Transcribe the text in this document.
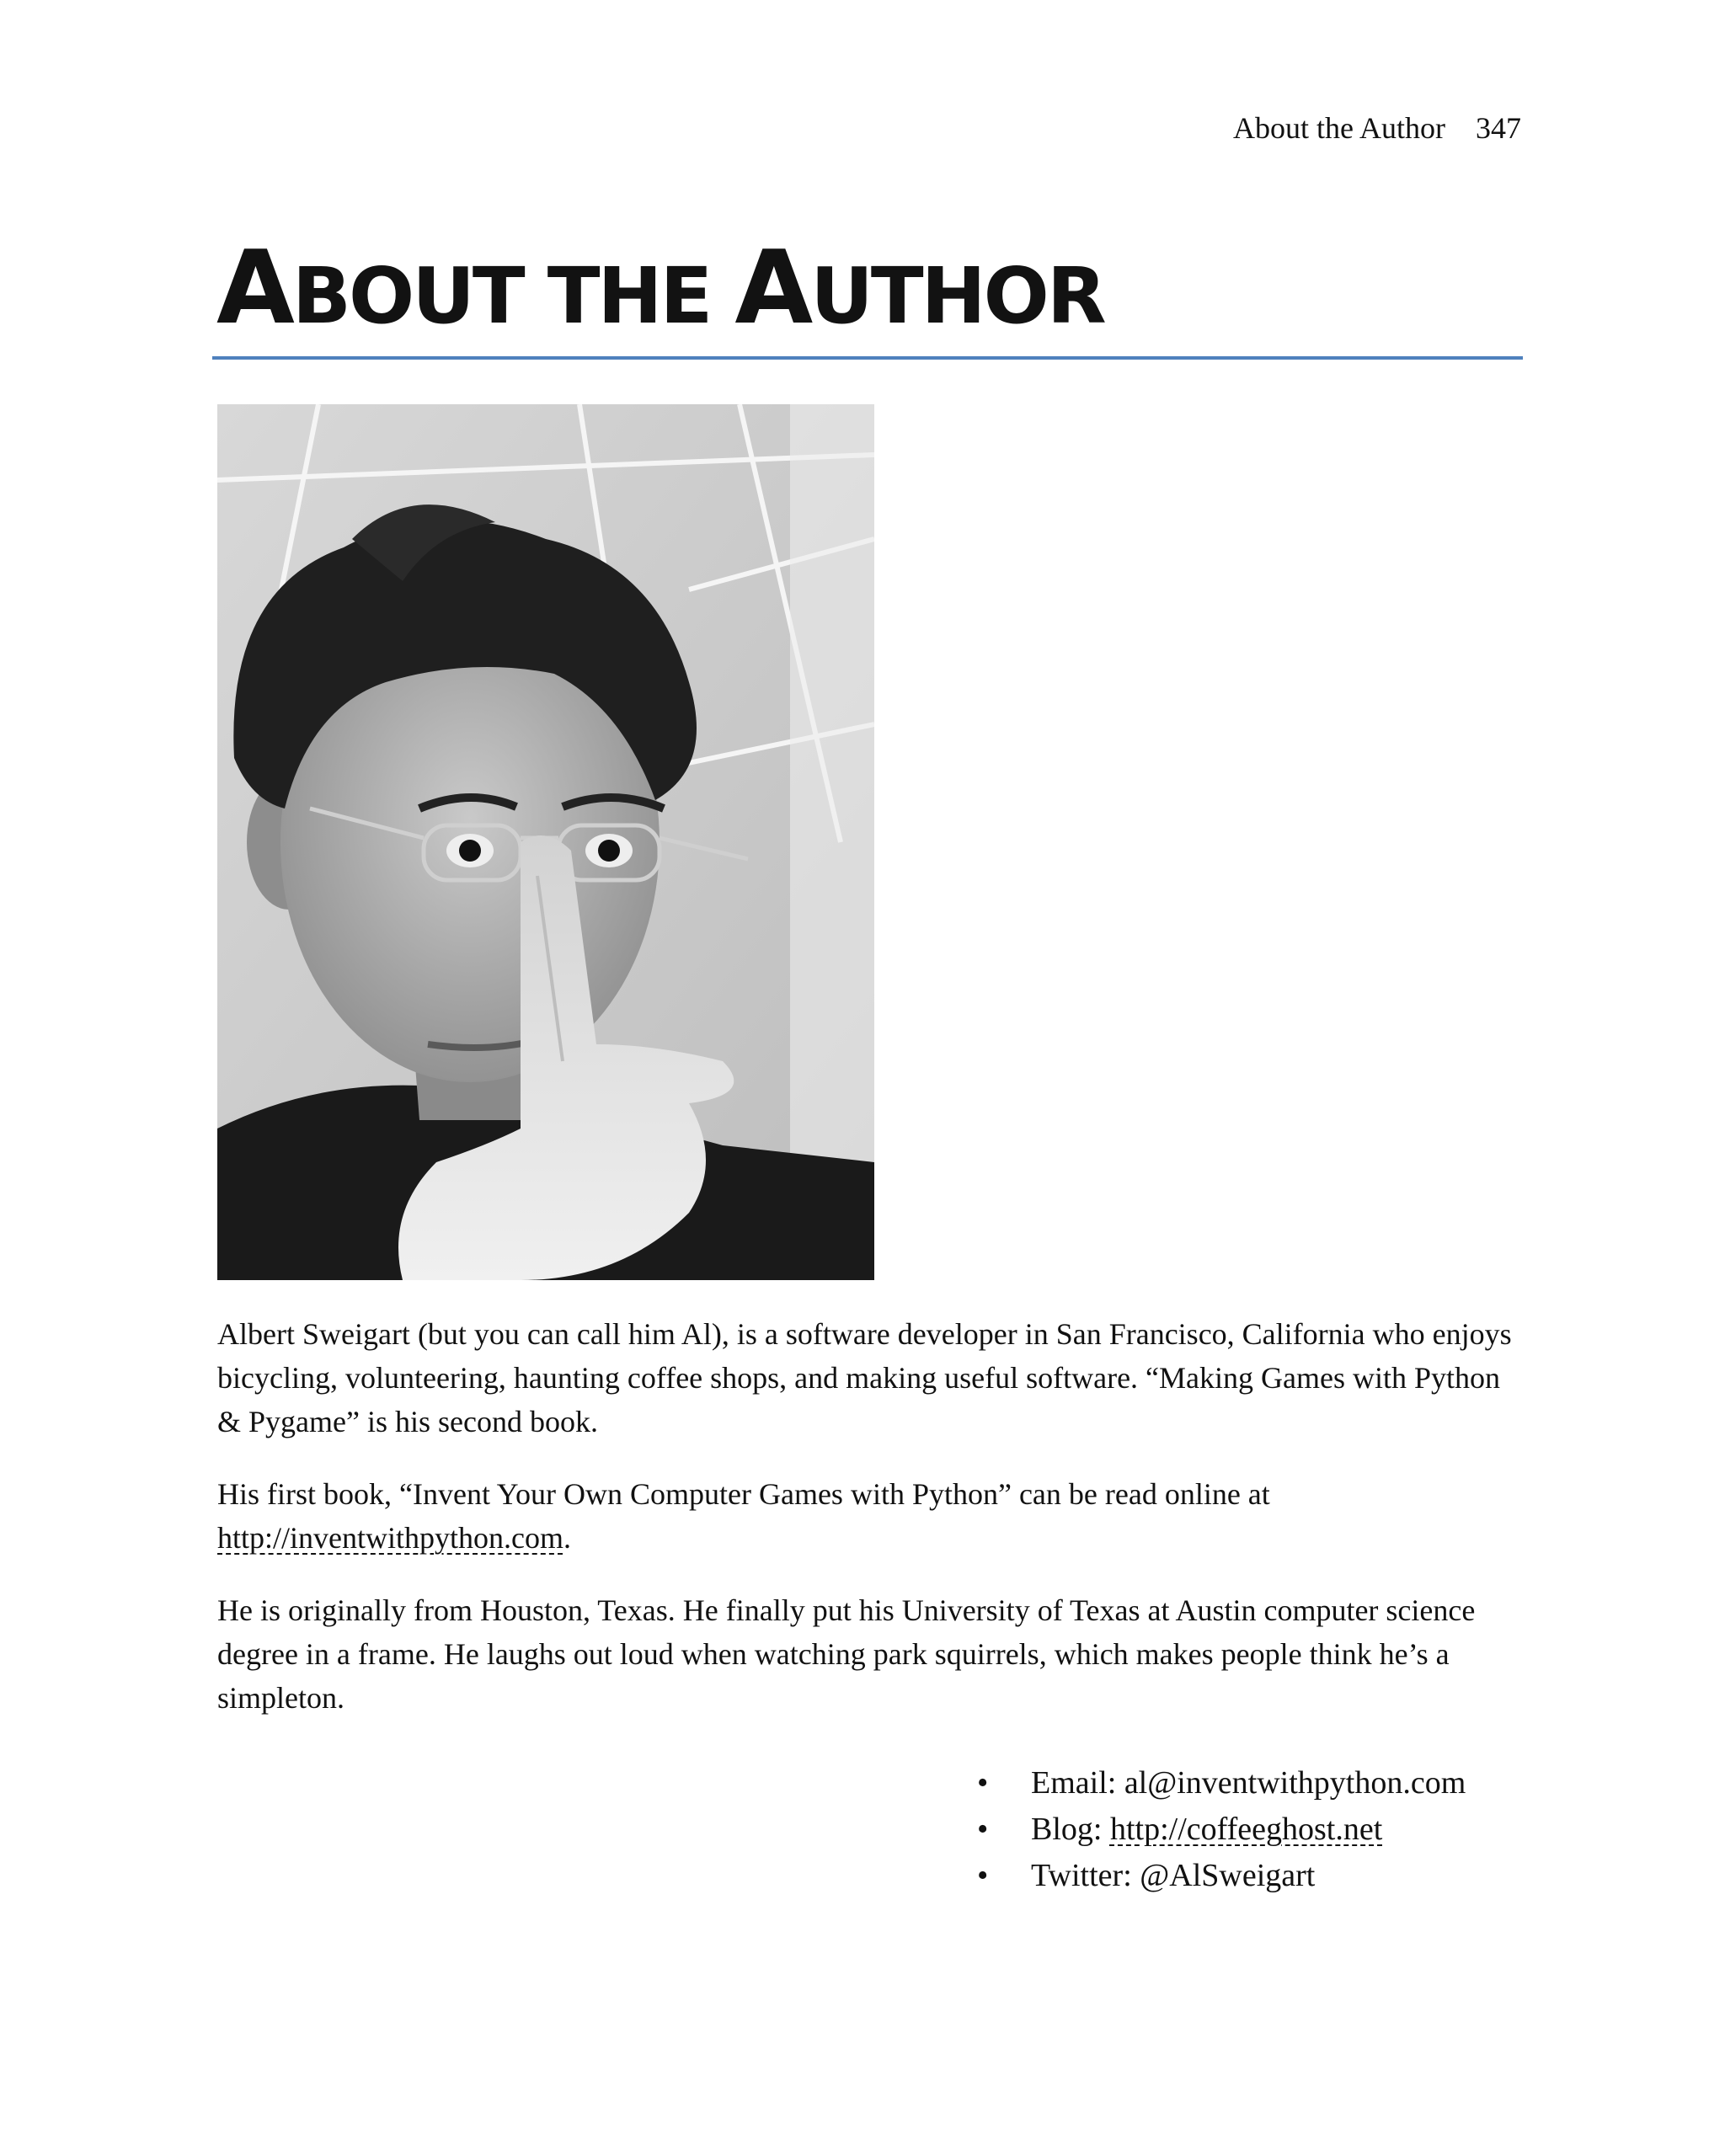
About the Author 347
ABOUT THE AUTHOR

Albert Sweigart (but you can call him Al), is a software developer in San Francisco, California who enjoys bicycling, volunteering, haunting coffee shops, and making useful software. “Making Games with Python & Pygame” is his second book.

His first book, “Invent Your Own Computer Games with Python” can be read online at http://inventwithpython.com.

He is originally from Houston, Texas. He finally put his University of Texas at Austin computer science degree in a frame. He laughs out loud when watching park squirrels, which makes people think he’s a simpleton.

• Email: al@inventwithpython.com
• Blog: http://coffeeghost.net
• Twitter: @AlSweigart
